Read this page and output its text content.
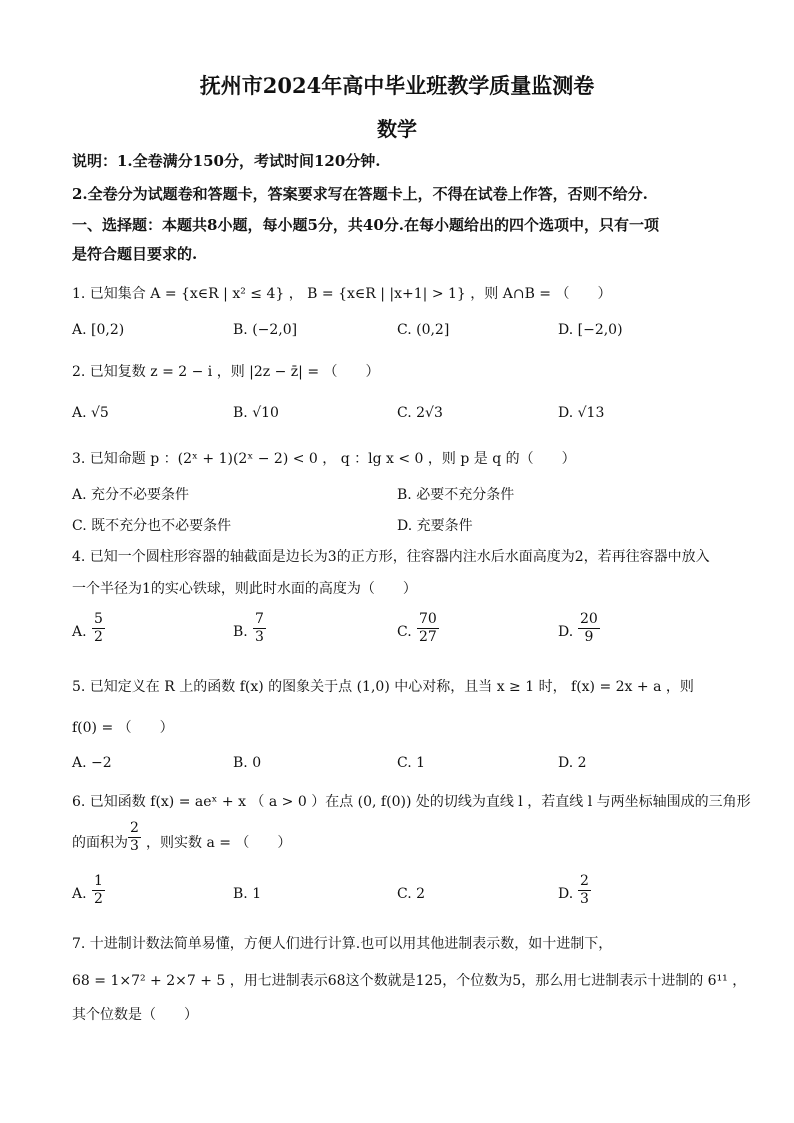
抚州市2024年高中毕业班教学质量监测卷
数学
说明：1.全卷满分150分，考试时间120分钟.
2.全卷分为试题卷和答题卡，答案要求写在答题卡上，不得在试卷上作答，否则不给分.
一、选择题：本题共8小题，每小题5分，共40分.在每小题给出的四个选项中，只有一项
是符合题目要求的.
1. 已知集合 A = {x∈R | x² ≤ 4} ， B = {x∈R | |x+1| > 1} ，则 A∩B = （　　）
A. [0,2)	B. (−2,0]	C. (0,2]	D. [−2,0)
2. 已知复数 z = 2 − i ，则 |2z − z̄| = （　　）
A. √5	B. √10	C. 2√3	D. √13
3. 已知命题 p ：(2ˣ + 1)(2ˣ − 2) < 0 ， q ：lg x < 0 ，则 p 是 q 的（　　）
A. 充分不必要条件	B. 必要不充分条件
C. 既不充分也不必要条件	D. 充要条件
4. 已知一个圆柱形容器的轴截面是边长为3的正方形，往容器内注水后水面高度为2，若再往容器中放入
一个半径为1的实心铁球，则此时水面的高度为（　　）
A.
5
2	B.
7
3	C.
70
27	D.
20
9
5. 已知定义在 R 上的函数 f(x) 的图象关于点 (1,0) 中心对称，且当 x ≥ 1 时， f(x) = 2x + a ，则
f(0) = （　　）
A. −2	B. 0	C. 1	D. 2
6. 已知函数 f(x) = aeˣ + x （ a > 0 ）在点 (0, f(0)) 处的切线为直线 l ，若直线 l 与两坐标轴围成的三角形
的面积为
2
3 ，则实数 a = （　　）
A.
1
2	B. 1	C. 2	D.
2
3
7. 十进制计数法简单易懂，方便人们进行计算.也可以用其他进制表示数，如十进制下，
68 = 1×7² + 2×7 + 5 ，用七进制表示68这个数就是125，个位数为5，那么用七进制表示十进制的 6¹¹ ，
其个位数是（　　）
